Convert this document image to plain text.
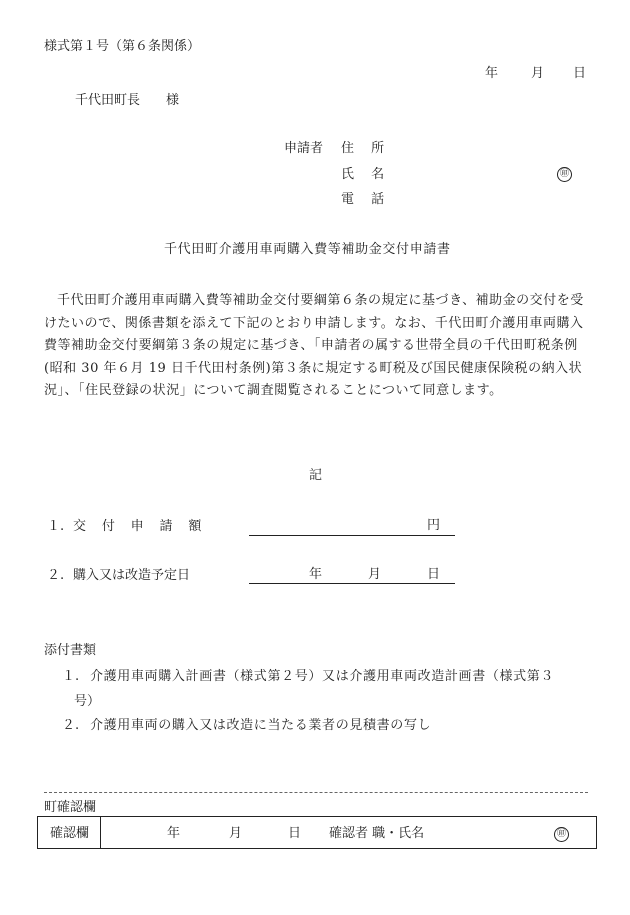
様式第１号（第６条関係）
年	月 日
千代田町長　　様
申請者 住 所
氏 名	㊞
電 話
千代田町介護用車両購入費等補助金交付申請書
千代田町介護用車両購入費等補助金交付要綱第６条の規定に基づき、補助金の交付を受けたいので、関係書類を添えて下記のとおり申請します。なお、千代田町介護用車両購入費等補助金交付要綱第３条の規定に基づき、「申請者の属する世帯全員の千代田町税条例(昭和 30 年６月 19 日千代田村条例)第３条に規定する町税及び国民健康保険税の納入状況」、「住民登録の状況」について調査閲覧されることについて同意します。
記
１. 交 付 申 請 額	円
２. 購入又は改造予定日	年	月	日
添付書類
１. 介護用車両購入計画書（様式第２号）又は介護用車両改造計画書（様式第３
号）
２. 介護用車両の購入又は改造に当たる業者の見積書の写し
町確認欄
確認欄	年	月	日 確認者 職・氏名	㊞
